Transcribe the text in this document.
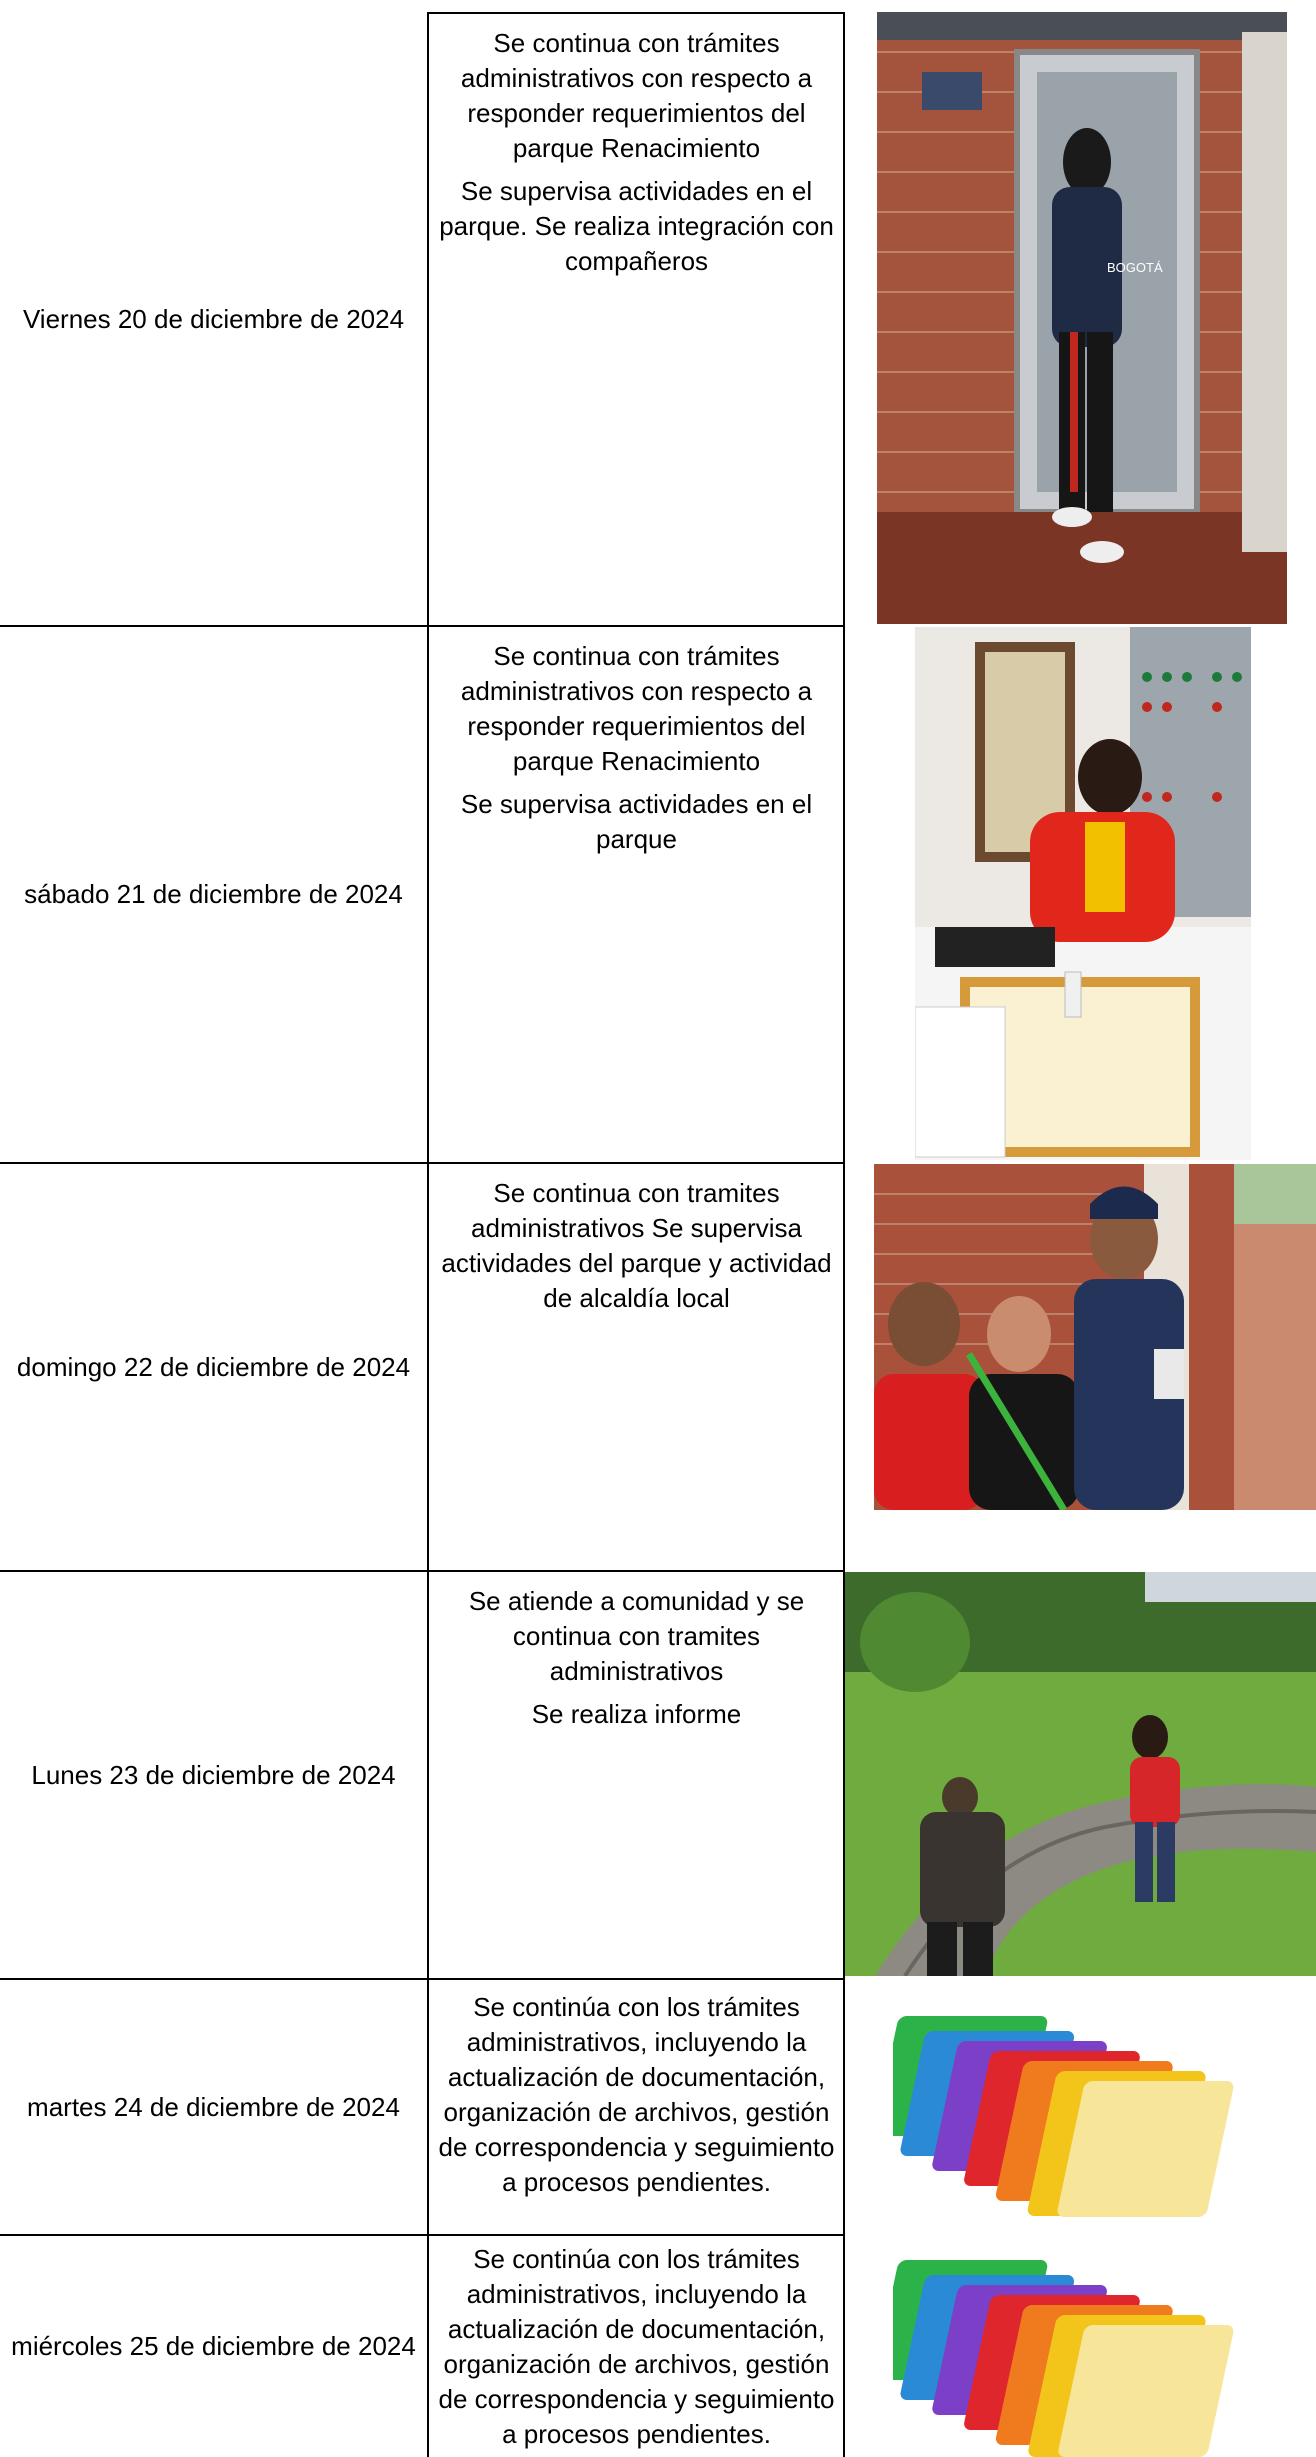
Viernes 20 de diciembre de 2024

Se continua con trámites administrativos con respecto a responder requerimientos del parque Renacimiento

Se supervisa actividades en el parque. Se realiza integración con compañeros	BOGOTÁ
sábado 21 de diciembre de 2024

Se continua con trámites administrativos con respecto a responder requerimientos del parque Renacimiento

Se supervisa actividades en el parque

domingo 22 de diciembre de 2024

Se continua con tramites administrativos Se supervisa actividades del parque y actividad de alcaldía local

Lunes 23 de diciembre de 2024

Se atiende a comunidad y se continua con tramites administrativos

Se realiza informe

martes 24 de diciembre de 2024

Se continúa con los trámites administrativos, incluyendo la actualización de documentación, organización de archivos, gestión de correspondencia y seguimiento a procesos pendientes.

miércoles 25 de diciembre de 2024

Se continúa con los trámites administrativos, incluyendo la actualización de documentación, organización de archivos, gestión de correspondencia y seguimiento a procesos pendientes.
